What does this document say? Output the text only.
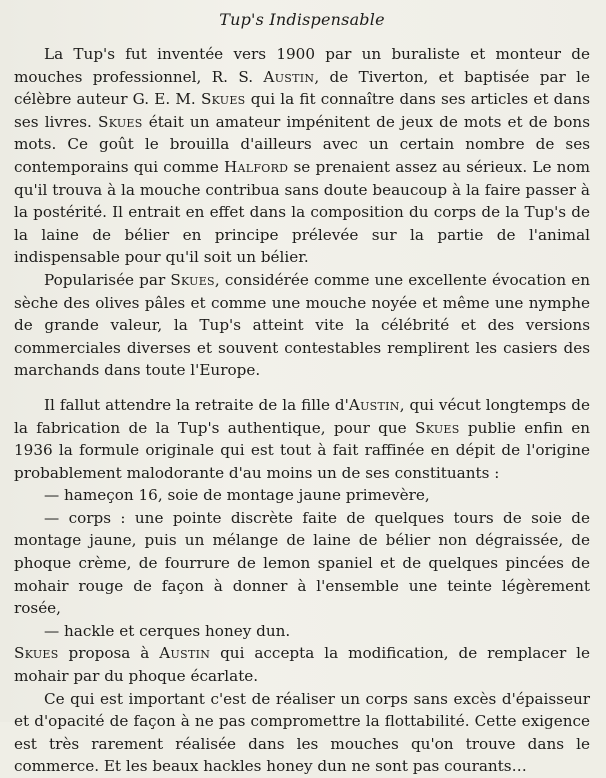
Tup's Indispensable

La Tup's fut inventée vers 1900 par un buraliste et monteur de mouches professionnel, R. S. Austin, de Tiverton, et baptisée par le célèbre auteur G. E. M. Skues qui la fit connaître dans ses articles et dans ses livres. Skues était un amateur impénitent de jeux de mots et de bons mots. Ce goût le brouilla d'ailleurs avec un certain nombre de ses contemporains qui comme Halford se prenaient assez au sérieux. Le nom qu'il trouva à la mouche contribua sans doute beaucoup à la faire passer à la postérité. Il entrait en effet dans la composition du corps de la Tup's de la laine de bélier en principe prélevée sur la partie de l'animal indispensable pour qu'il soit un bélier.

Popularisée par Skues, considérée comme une excellente évocation en sèche des olives pâles et comme une mouche noyée et même une nymphe de grande valeur, la Tup's atteint vite la célébrité et des versions commerciales diverses et souvent contestables remplirent les casiers des marchands dans toute l'Europe.

Il fallut attendre la retraite de la fille d'Austin, qui vécut longtemps de la fabrication de la Tup's authentique, pour que Skues publie enfin en 1936 la formule originale qui est tout à fait raffinée en dépit de l'origine probablement malodorante d'au moins un de ses constituants :

— hameçon 16, soie de montage jaune primevère,

— corps : une pointe discrète faite de quelques tours de soie de montage jaune, puis un mélange de laine de bélier non dégraissée, de phoque crème, de fourrure de lemon spaniel et de quelques pincées de mohair rouge de façon à donner à l'ensemble une teinte légèrement rosée,

— hackle et cerques honey dun.

Skues proposa à Austin qui accepta la modification, de remplacer le mohair par du phoque écarlate.

Ce qui est important c'est de réaliser un corps sans excès d'épaisseur et d'opacité de façon à ne pas compromettre la flottabilité. Cette exigence est très rarement réalisée dans les mouches qu'on trouve dans le commerce. Et les beaux hackles honey dun ne sont pas courants…
